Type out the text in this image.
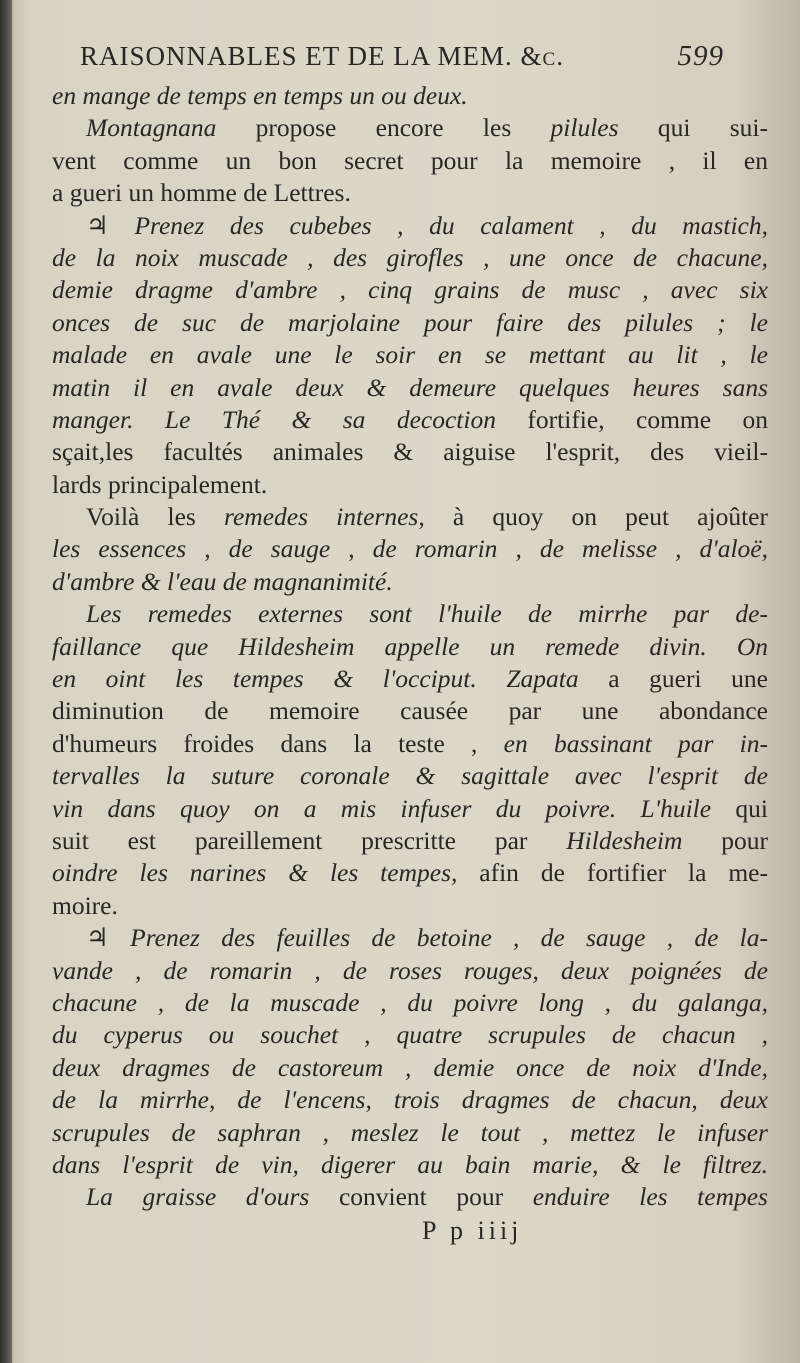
RAISONNABLES ET DE LA MEM. &c.	599
en mange de temps en temps un ou deux.
Montagnana propose encore les pilules qui sui-
vent comme un bon secret pour la memoire , il en
a gueri un homme de Lettres.
♃ Prenez des cubebes , du calament , du mastich,
de la noix muscade , des girofles , une once de chacune,
demie dragme d'ambre , cinq grains de musc , avec six
onces de suc de marjolaine pour faire des pilules ; le
malade en avale une le soir en se mettant au lit , le
matin il en avale deux & demeure quelques heures sans
manger. Le Thé & sa decoction fortifie, comme on
sçait,les facultés animales & aiguise l'esprit, des vieil-
lards principalement.
Voilà les remedes internes, à quoy on peut ajoûter
les essences , de sauge , de romarin , de melisse , d'aloë,
d'ambre & l'eau de magnanimité.
Les remedes externes sont l'huile de mirrhe par de-
faillance que Hildesheim appelle un remede divin. On
en oint les tempes & l'occiput. Zapata a gueri une
diminution de memoire causée par une abondance
d'humeurs froides dans la teste , en bassinant par in-
tervalles la suture coronale & sagittale avec l'esprit de
vin dans quoy on a mis infuser du poivre. L'huile qui
suit est pareillement prescritte par Hildesheim pour
oindre les narines & les tempes, afin de fortifier la me-
moire.
♃ Prenez des feuilles de betoine , de sauge , de la-
vande , de romarin , de roses rouges, deux poignées de
chacune , de la muscade , du poivre long , du galanga,
du cyperus ou souchet , quatre scrupules de chacun ,
deux dragmes de castoreum , demie once de noix d'Inde,
de la mirrhe, de l'encens, trois dragmes de chacun, deux
scrupules de saphran , meslez le tout , mettez le infuser
dans l'esprit de vin, digerer au bain marie, & le filtrez.
La graisse d'ours convient pour enduire les tempes
P p iiij
